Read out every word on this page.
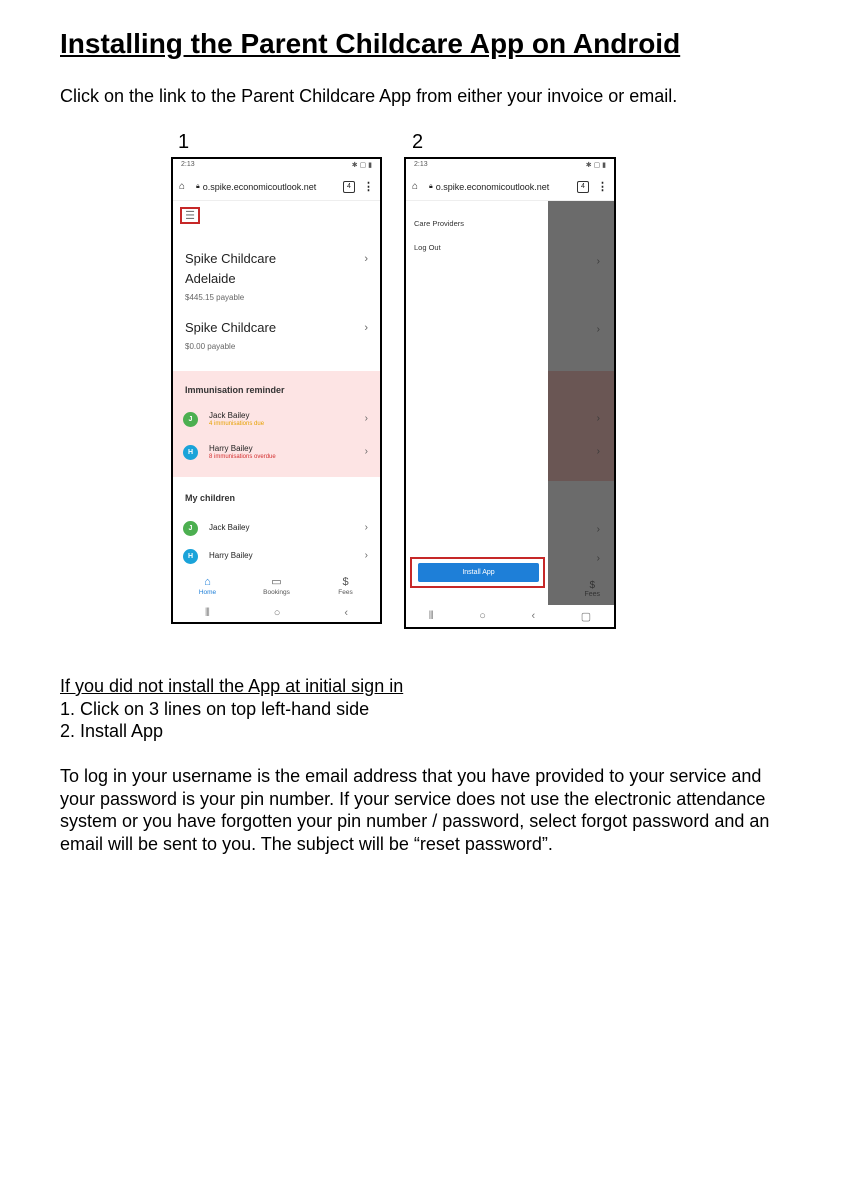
Installing the Parent Childcare App on Android
Click on the link to the Parent Childcare App from either your invoice or email.
1	2
2:13	✱ ▢ ▮
⌂	🔒︎ o.spike.economicoutlook.net	4	⋮
☰
Spike Childcare Adelaide
$445.15 payable
›
Spike Childcare
$0.00 payable
›
Immunisation reminder
J	Jack Bailey
4 immunisations due	›
H	Harry Bailey
8 immunisations overdue	›
My children
J	Jack Bailey	›
H	Harry Bailey	›
⌂
Home
▭
Bookings
$
Fees
⦀	○	‹
2:13	✱ ▢ ▮
⌂	🔒︎ o.spike.economicoutlook.net	4	⋮
›
›
›
›
›
›
$
Fees
Care Providers
Log Out
Install App
⦀	○	‹	▢
If you did not install the App at initial sign in
1. Click on 3 lines on top left-hand side
2. Install App
To log in your username is the email address that you have provided to your service and your password is your pin number. If your service does not use the electronic attendance system or you have forgotten your pin number / password, select forgot password and an email will be sent to you. The subject will be “reset password”.
